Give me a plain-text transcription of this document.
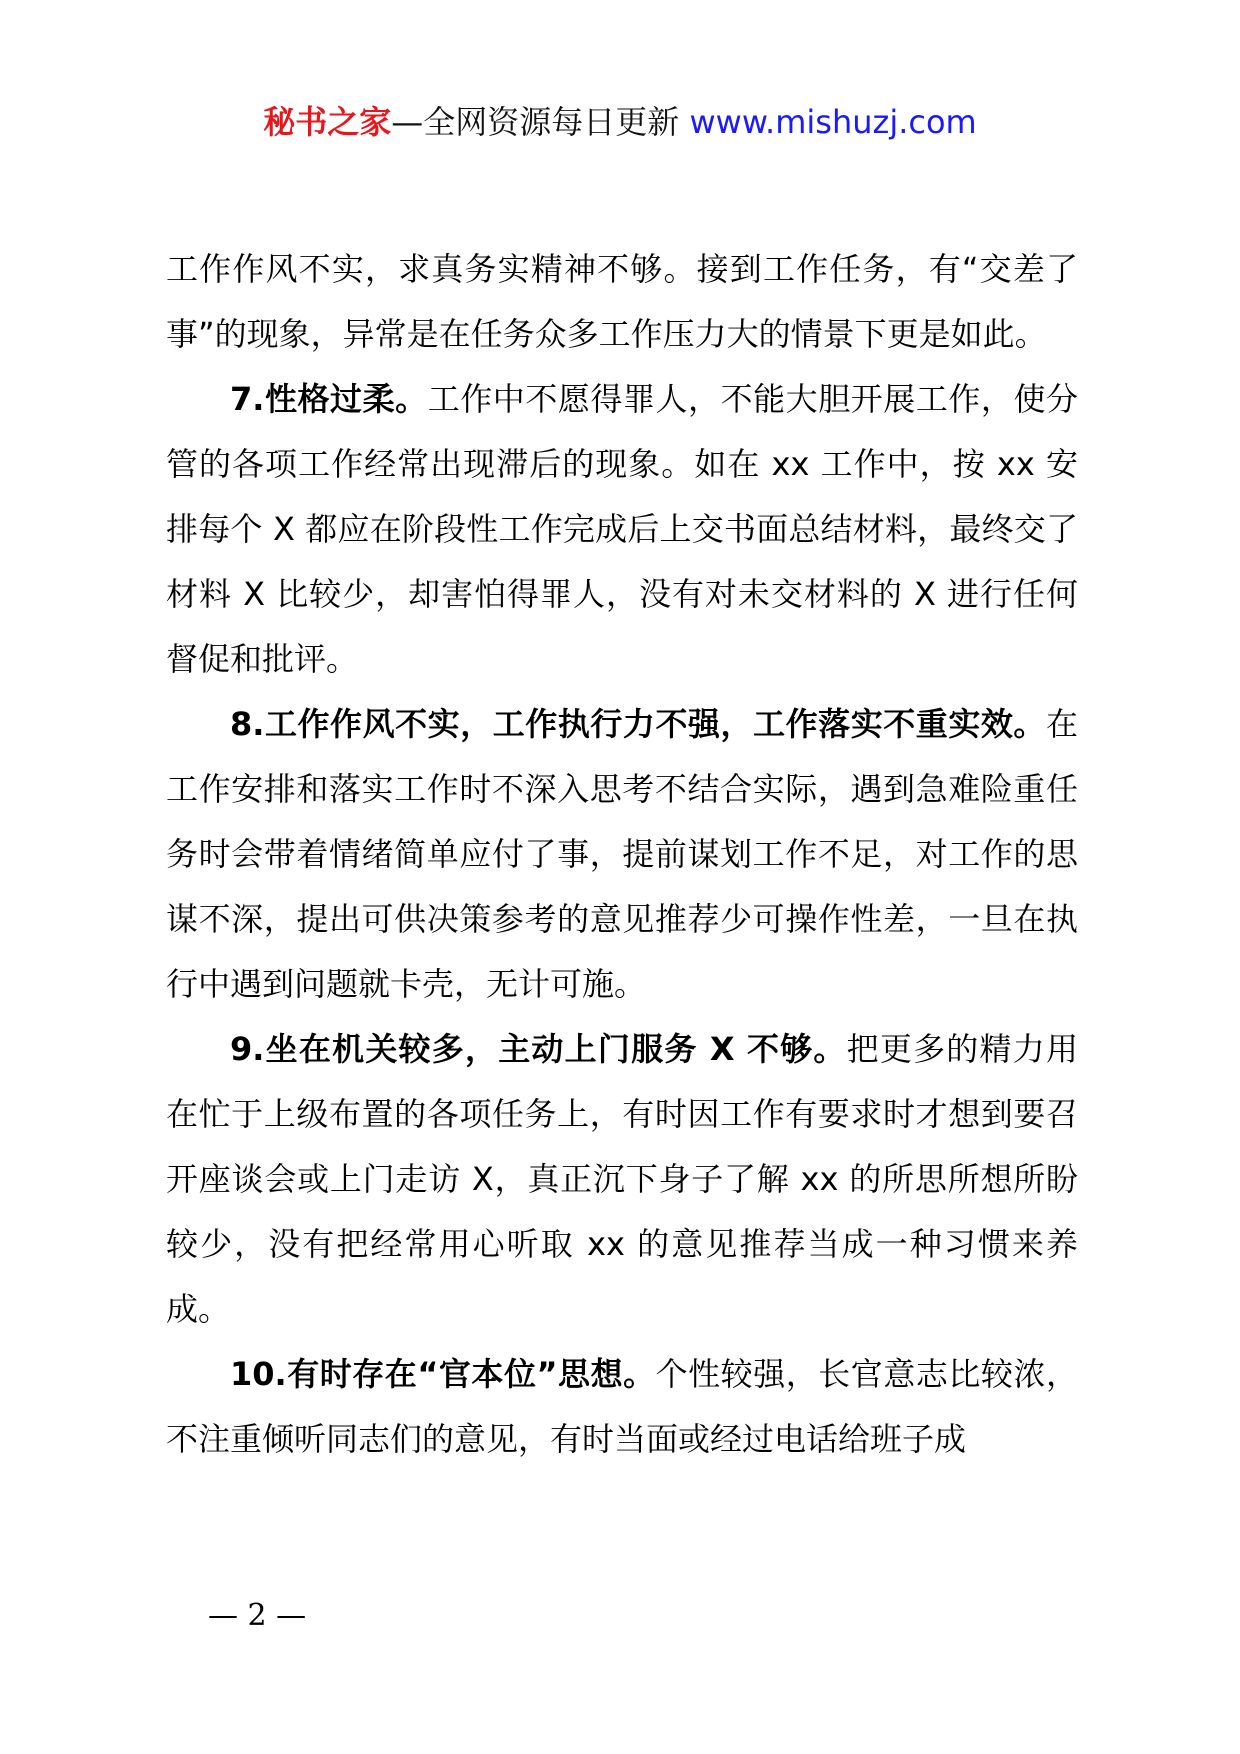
秘书之家—全网资源每日更新 www.mishuzj.com

工作作风不实，求真务实精神不够。接到工作任务，有“交差了事”的现象，异常是在任务众多工作压力大的情景下更是如此。

7.性格过柔。工作中不愿得罪人，不能大胆开展工作，使分管的各项工作经常出现滞后的现象。如在 xx 工作中，按 xx 安排每个 X 都应在阶段性工作完成后上交书面总结材料，最终交了材料 X 比较少，却害怕得罪人，没有对未交材料的 X 进行任何督促和批评。

8.工作作风不实，工作执行力不强，工作落实不重实效。在工作安排和落实工作时不深入思考不结合实际，遇到急难险重任务时会带着情绪简单应付了事，提前谋划工作不足，对工作的思谋不深，提出可供决策参考的意见推荐少可操作性差，一旦在执行中遇到问题就卡壳，无计可施。

9.坐在机关较多，主动上门服务 X 不够。把更多的精力用在忙于上级布置的各项任务上，有时因工作有要求时才想到要召开座谈会或上门走访 X，真正沉下身子了解 xx 的所思所想所盼较少，没有把经常用心听取 xx 的意见推荐当成一种习惯来养成。

10.有时存在“官本位”思想。个性较强，长官意志比较浓，不注重倾听同志们的意见，有时当面或经过电话给班子成

— 2 —
